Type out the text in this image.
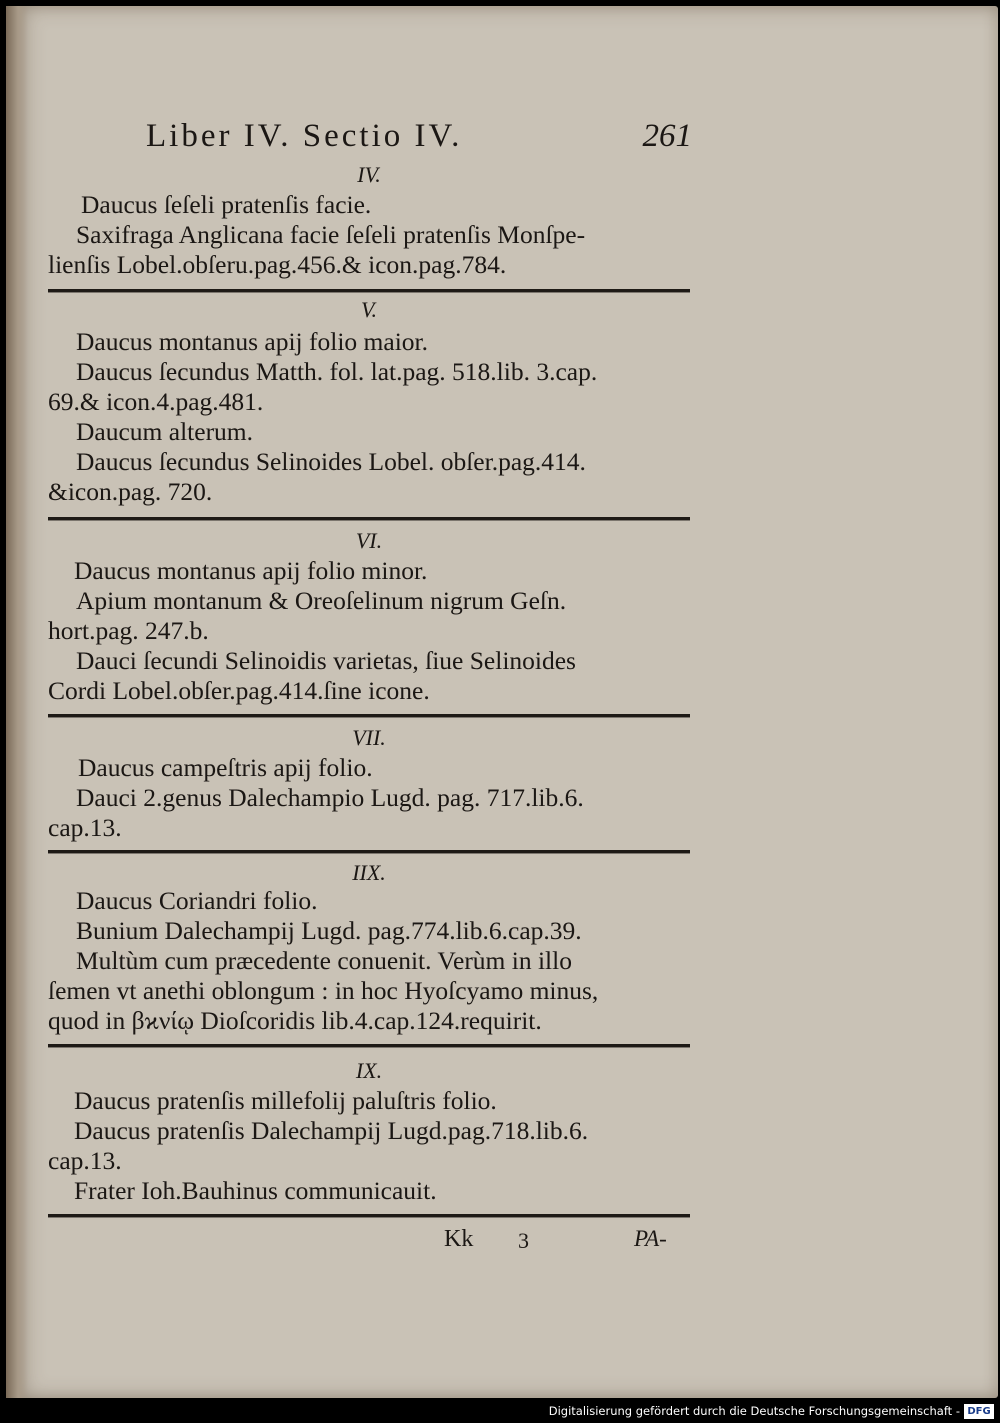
Liber IV. Sectio IV.	261
IV.
Daucus ſeſeli pratenſis facie.
Saxifraga Anglicana facie ſeſeli pratenſis Monſpe-
lienſis Lobel.obſeru.pag.456.& icon.pag.784.
V.
Daucus montanus apij folio maior.
Daucus ſecundus Matth. fol. lat.pag. 518.lib. 3.cap.
69.& icon.4.pag.481.
Daucum alterum.
Daucus ſecundus Selinoides Lobel. obſer.pag.414.
&icon.pag. 720.
VI.
Daucus montanus apij folio minor.
Apium montanum & Oreoſelinum nigrum Geſn.
hort.pag. 247.b.
Dauci ſecundi Selinoidis varietas, ſiue Selinoides
Cordi Lobel.obſer.pag.414.ſine icone.
VII.
Daucus campeſtris apij folio.
Dauci 2.genus Dalechampio Lugd. pag. 717.lib.6.
cap.13.
IIX.
Daucus Coriandri folio.
Bunium Dalechampij Lugd. pag.774.lib.6.cap.39.
Multùm cum præcedente conuenit. Verùm in illo
ſemen vt anethi oblongum : in hoc Hyoſcyamo minus,
quod in βϰνίῳ Dioſcoridis lib.4.cap.124.requirit.
IX.
Daucus pratenſis millefolij paluſtris folio.
Daucus pratenſis Dalechampij Lugd.pag.718.lib.6.
cap.13.
Frater Ioh.Bauhinus communicauit.
Kk 3	PA-
Digitalisierung gefördert durch die Deutsche Forschungsgemeinschaft - DFG
